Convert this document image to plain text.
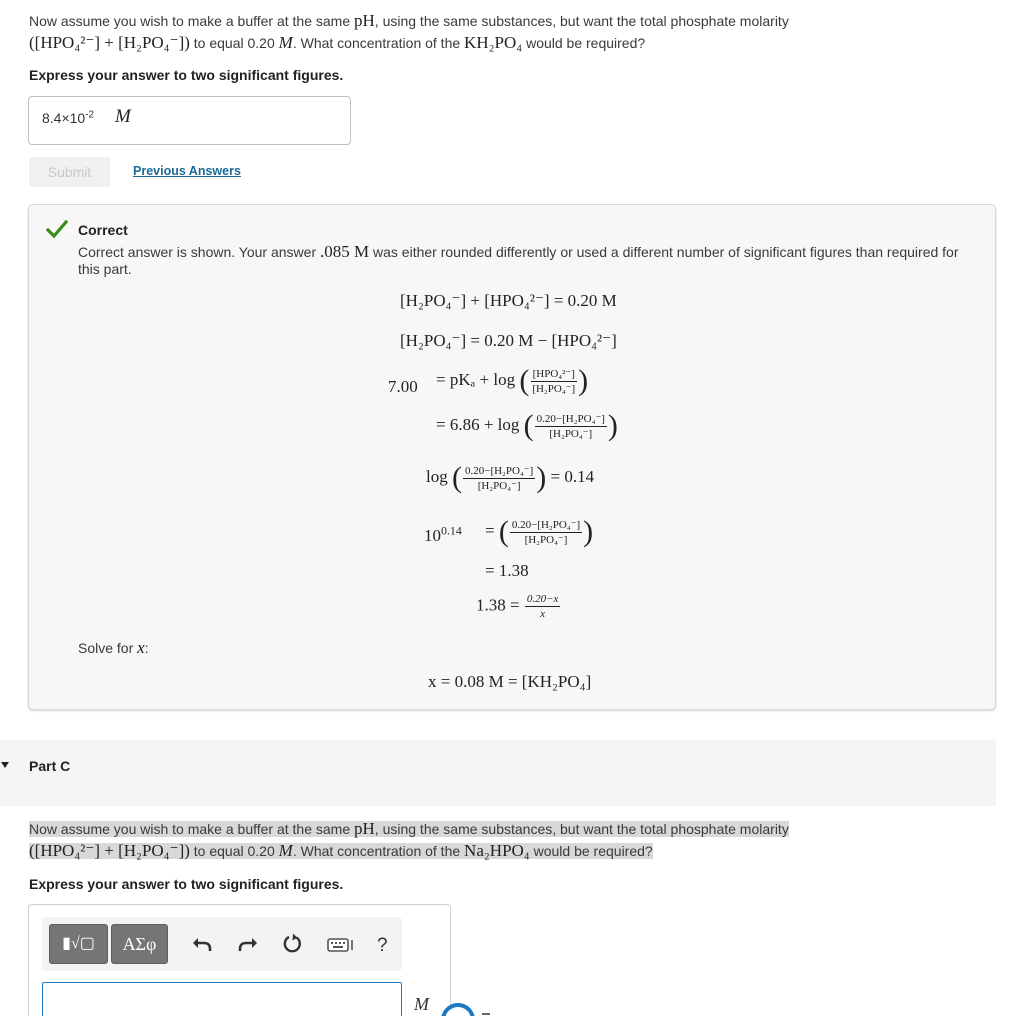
Now assume you wish to make a buffer at the same pH, using the same substances, but want the total phosphate molarity
([HPO₄²⁻] + [H₂PO₄⁻]) to equal 0.20 M. What concentration of the KH₂PO₄ would be required?
Express your answer to two significant figures.
$8.4\times 10^{-2}$ M
Submit	Previous Answers
Correct
Correct answer is shown. Your answer .085 M was either rounded differently or used a different number of significant figures than required for this part.
[H₂PO₄⁻] + [HPO₄²⁻] = 0.20 M
[H₂PO₄⁻] = 0.20 M − [HPO₄²⁻]
7.00 = pKₐ + log ( $\frac{\text{[HPO₄²⁻]}}{\text{[H₂PO₄⁻]}}$ )
= 6.86 + log ( $\frac{\text{0.20−[H₂PO₄⁻]}}{\text{[H₂PO₄⁻]}}$ )
log ( $\frac{\text{0.20−[H₂PO₄⁻]}}{\text{[H₂PO₄⁻]}}$ ) = 0.14
$10^{0.14}$ = ( $\frac{\text{0.20−[H₂PO₄⁻]}}{\text{[H₂PO₄⁻]}}$ )
= 1.38
$1.38 = \frac{0.20-x}{x}$
Solve for x:
x = 0.08 M = [KH₂PO₄]
Part C
Now assume you wish to make a buffer at the same pH, using the same substances, but want the total phosphate molarity
([HPO₄²⁻] + [H₂PO₄⁻]) to equal 0.20 M. What concentration of the Na₂HPO₄ would be required?
Express your answer to two significant figures.
▮√▢	ΑΣφ	?
M
